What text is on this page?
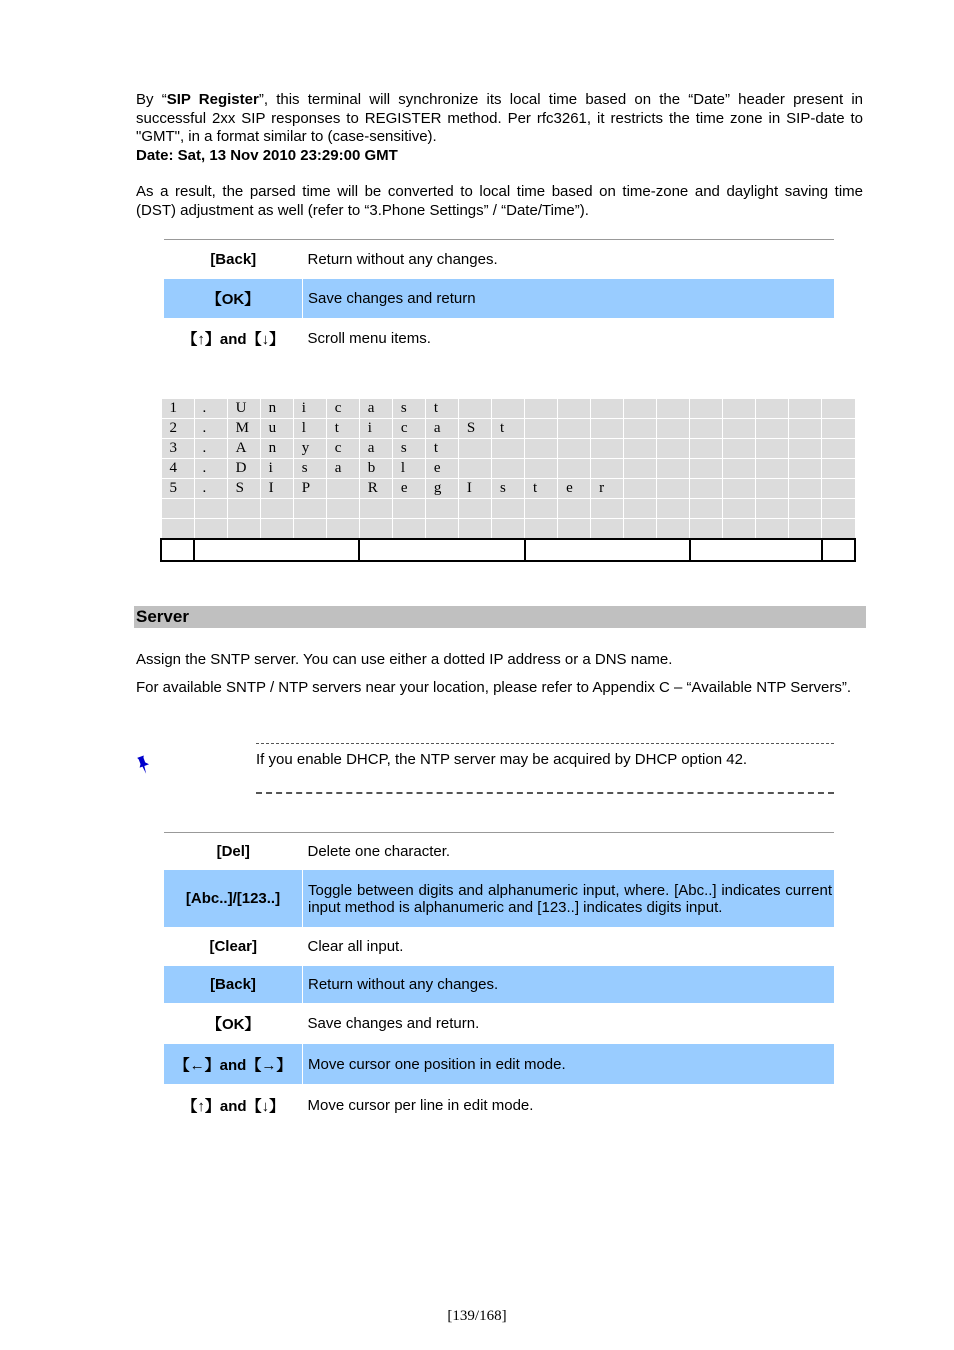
By “SIP Register”, this terminal will synchronize its local time based on the “Date” header present in successful 2xx SIP responses to REGISTER method. Per rfc3261, it restricts the time zone in SIP-date to "GMT", in a format similar to (case-sensitive).
Date: Sat, 13 Nov 2010 23:29:00 GMT

As a result, the parsed time will be converted to local time based on time-zone and daylight saving time (DST) adjustment as well (refer to “3.Phone Settings” / “Date/Time”).

[Back]	Return without any changes.
【OK】	Save changes and return
【↑】and【↓】	Scroll menu items.
1	.	U	n	i	c	a	s	t												
2	.	M	u	l	t	i	c	a	S	t										
3	.	A	n	y	c	a	s	t												
4	.	D	i	s	a	b	l	e												
5	.	S	I	P		R	e	g	I	s	t	e	r							

Server

Assign the SNTP server. You can use either a dotted IP address or a DNS name.

For available SNTP / NTP servers near your location, please refer to Appendix C – “Available NTP Servers”.

If you enable DHCP, the NTP server may be acquired by DHCP option 42.
[Del]	Delete one character.
[Abc..]/[123..]	Toggle between digits and alphanumeric input, where. [Abc..] indicates current input method is alphanumeric and [123..] indicates digits input.
[Clear]	Clear all input.
[Back]	Return without any changes.
【OK】	Save changes and return.
【←】and【→】	Move cursor one position in edit mode.
【↑】and【↓】	Move cursor per line in edit mode.
[139/168]
